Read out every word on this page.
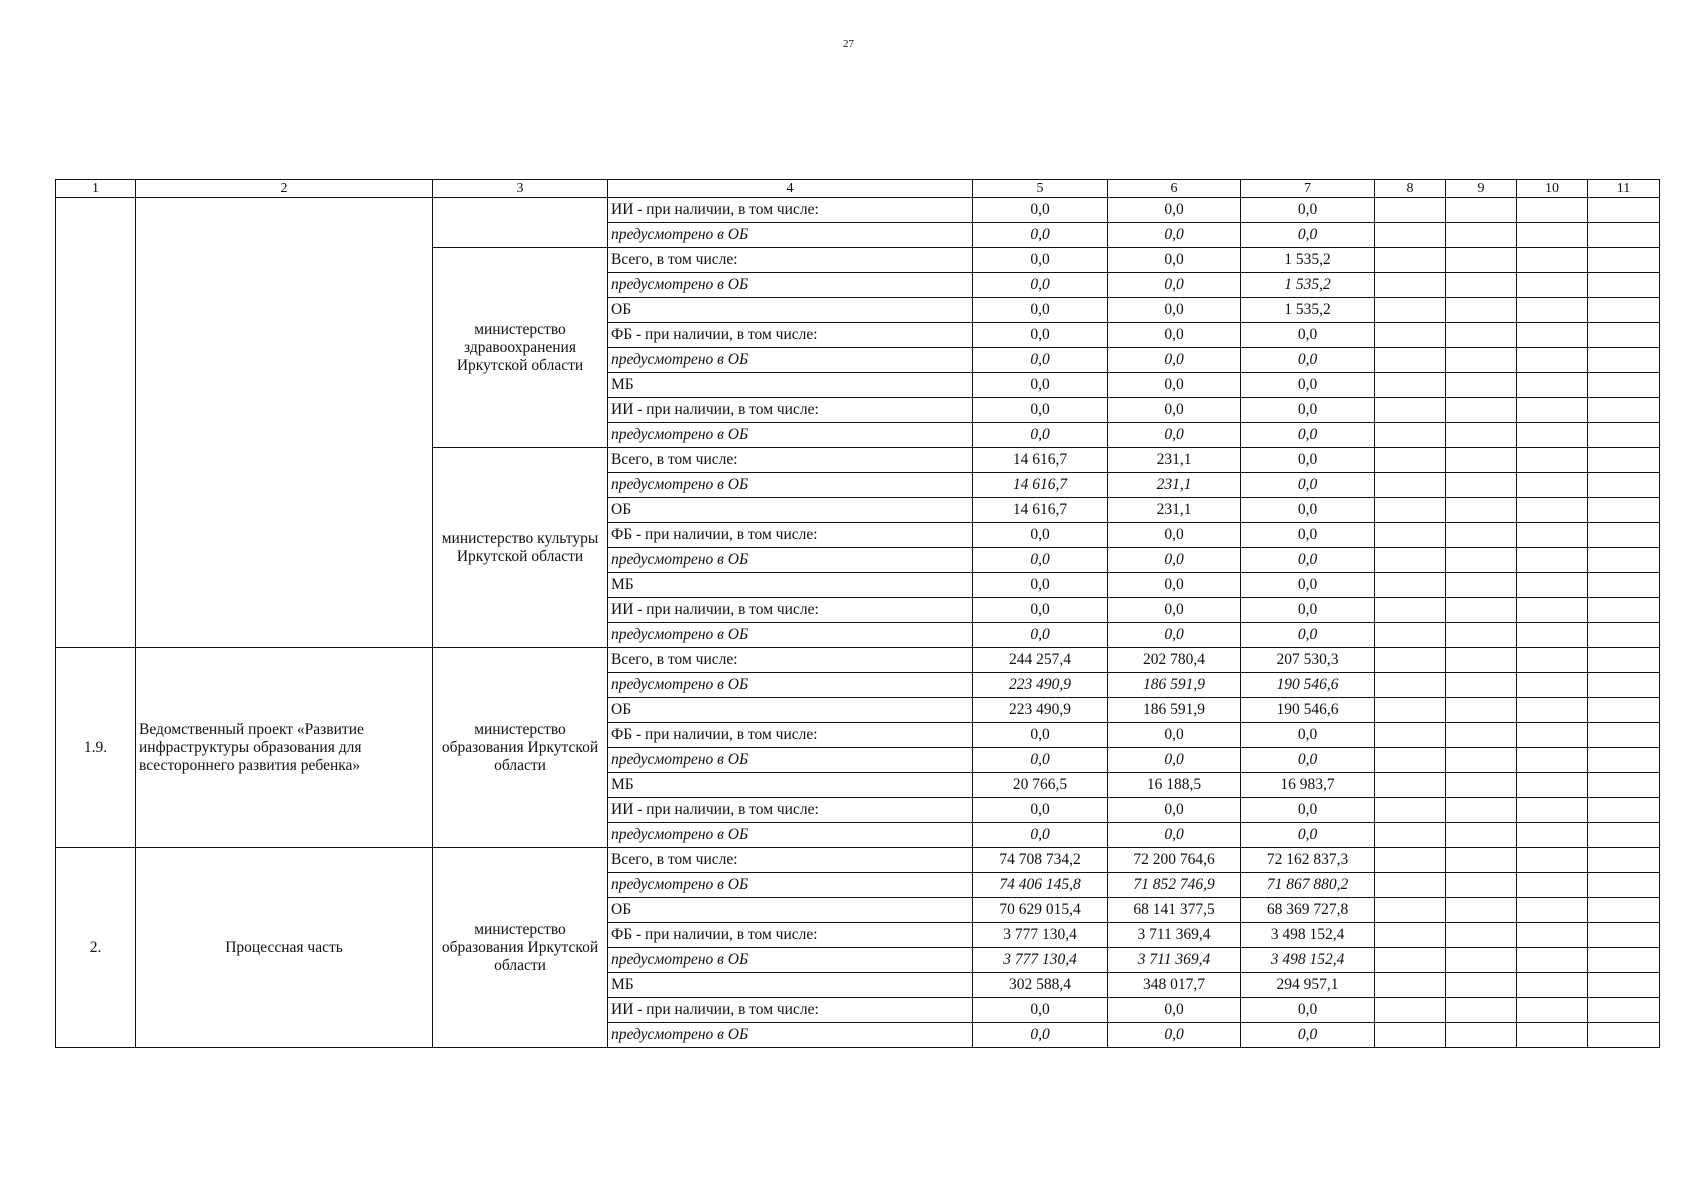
27
1	2	3	4	5	6	7	8	9	10	11
			ИИ - при наличии, в том числе:	0,0	0,0	0,0				
			предусмотрено в ОБ	0,0	0,0	0,0				
		министерство здравоохранения Иркутской области	Всего, в том числе:	0,0	0,0	1 535,2				
			предусмотрено в ОБ	0,0	0,0	1 535,2				
			ОБ	0,0	0,0	1 535,2				
			ФБ - при наличии, в том числе:	0,0	0,0	0,0				
			предусмотрено в ОБ	0,0	0,0	0,0				
			МБ	0,0	0,0	0,0				
			ИИ - при наличии, в том числе:	0,0	0,0	0,0				
			предусмотрено в ОБ	0,0	0,0	0,0				
		министерство культуры Иркутской области	Всего, в том числе:	14 616,7	231,1	0,0				
			предусмотрено в ОБ	14 616,7	231,1	0,0				
			ОБ	14 616,7	231,1	0,0				
			ФБ - при наличии, в том числе:	0,0	0,0	0,0				
			предусмотрено в ОБ	0,0	0,0	0,0				
			МБ	0,0	0,0	0,0				
			ИИ - при наличии, в том числе:	0,0	0,0	0,0				
			предусмотрено в ОБ	0,0	0,0	0,0				
1.9.	Ведомственный проект «Развитие инфраструктуры образования для всестороннего развития ребенка»	министерство образования Иркутской области	Всего, в том числе:	244 257,4	202 780,4	207 530,3				
			предусмотрено в ОБ	223 490,9	186 591,9	190 546,6				
			ОБ	223 490,9	186 591,9	190 546,6				
			ФБ - при наличии, в том числе:	0,0	0,0	0,0				
			предусмотрено в ОБ	0,0	0,0	0,0				
			МБ	20 766,5	16 188,5	16 983,7				
			ИИ - при наличии, в том числе:	0,0	0,0	0,0				
			предусмотрено в ОБ	0,0	0,0	0,0				
2.	Процессная часть	министерство образования Иркутской области	Всего, в том числе:	74 708 734,2	72 200 764,6	72 162 837,3				
			предусмотрено в ОБ	74 406 145,8	71 852 746,9	71 867 880,2				
			ОБ	70 629 015,4	68 141 377,5	68 369 727,8				
			ФБ - при наличии, в том числе:	3 777 130,4	3 711 369,4	3 498 152,4				
			предусмотрено в ОБ	3 777 130,4	3 711 369,4	3 498 152,4				
			МБ	302 588,4	348 017,7	294 957,1				
			ИИ - при наличии, в том числе:	0,0	0,0	0,0				
			предусмотрено в ОБ	0,0	0,0	0,0				
